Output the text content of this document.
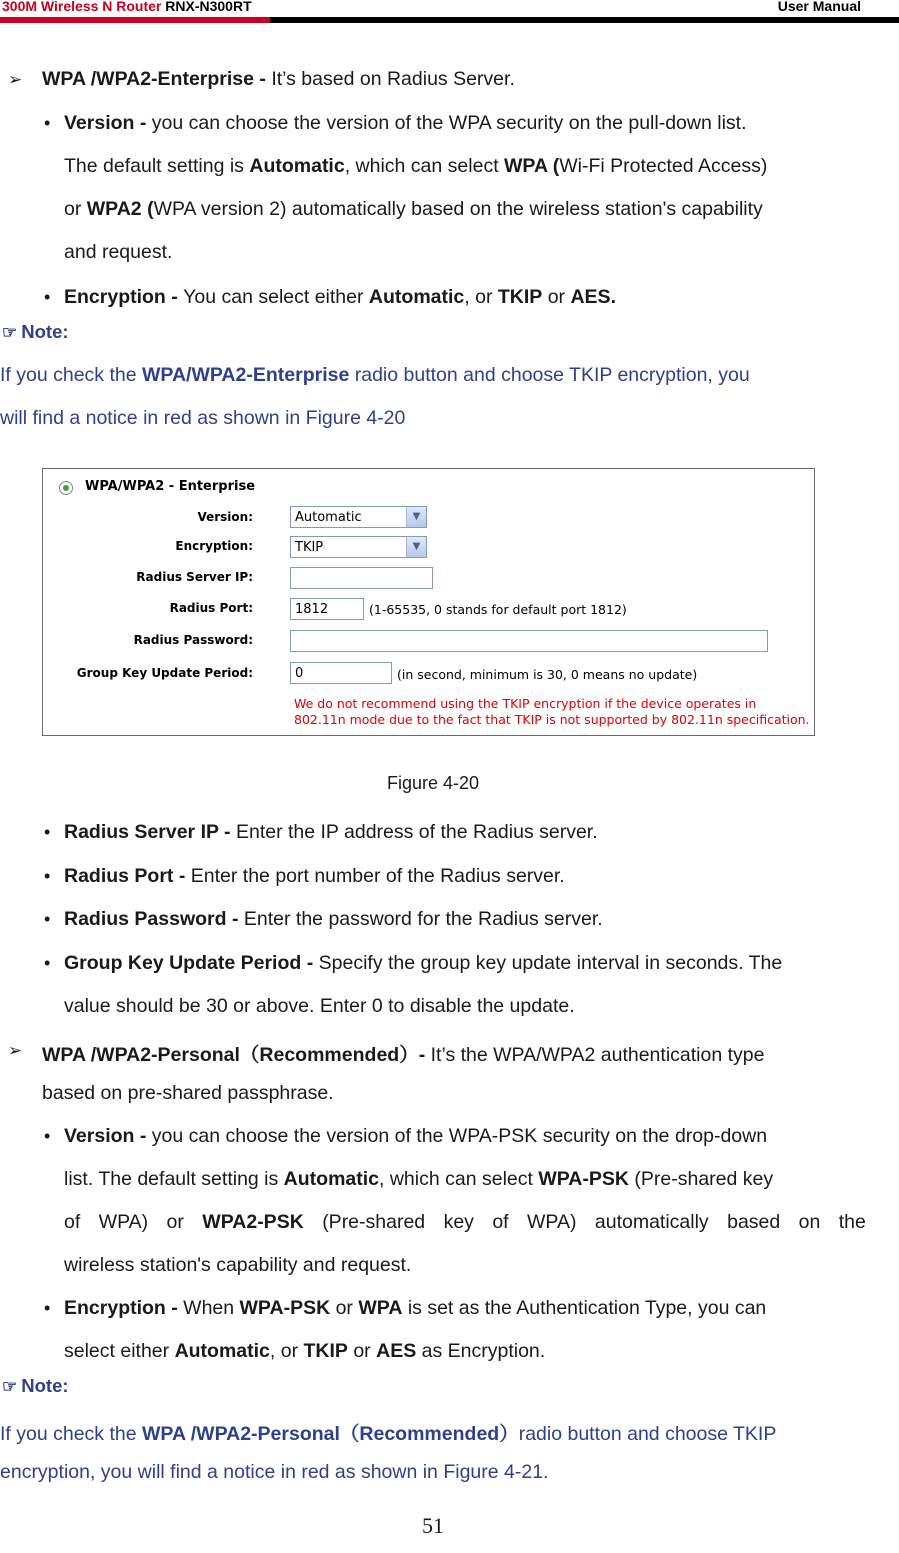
300M Wireless N Router RNX-N300RT	User Manual
➢ WPA /WPA2-Enterprise - It’s based on Radius Server.
• Version - you can choose the version of the WPA security on the pull-down list.
The default setting is Automatic, which can select WPA (Wi-Fi Protected Access)
or WPA2 (WPA version 2) automatically based on the wireless station's capability
and request.
• Encryption - You can select either Automatic, or TKIP or AES.
☞ Note:
If you check the WPA/WPA2-Enterprise radio button and choose TKIP encryption, you
will find a notice in red as shown in Figure 4-20
WPA/WPA2 - Enterprise
Version:	Automatic	▼
Encryption:	TKIP	▼
Radius Server IP:
Radius Port:	1812	(1-65535, 0 stands for default port 1812)
Radius Password:
Group Key Update Period:	0	(in second, minimum is 30, 0 means no update)
We do not recommend using the TKIP encryption if the device operates in
802.11n mode due to the fact that TKIP is not supported by 802.11n specification.
Figure 4-20
• Radius Server IP - Enter the IP address of the Radius server.
• Radius Port - Enter the port number of the Radius server.
• Radius Password - Enter the password for the Radius server.
• Group Key Update Period - Specify the group key update interval in seconds. The
value should be 30 or above. Enter 0 to disable the update.
➢ WPA /WPA2-Personal（Recommended）- It’s the WPA/WPA2 authentication type
based on pre-shared passphrase.
• Version - you can choose the version of the WPA-PSK security on the drop-down
list. The default setting is Automatic, which can select WPA-PSK (Pre-shared key
of WPA) or WPA2-PSK (Pre-shared key of WPA) automatically based on the
wireless station's capability and request.
• Encryption - When WPA-PSK or WPA is set as the Authentication Type, you can
select either Automatic, or TKIP or AES as Encryption.
☞ Note:
If you check the WPA /WPA2-Personal（Recommended）radio button and choose TKIP
encryption, you will find a notice in red as shown in Figure 4-21.
51
